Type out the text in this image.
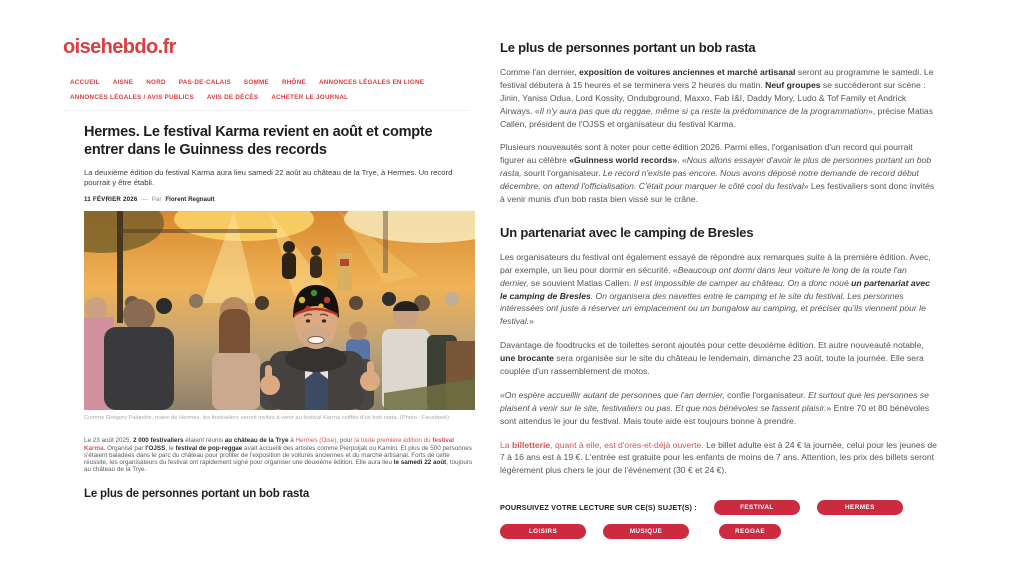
oisehebdo.fr
ACCUEIL AISNE NORD PAS-DE-CALAIS SOMME RHÔNE ANNONCES LÉGALES EN LIGNE
ANNONCES LÉGALES / AVIS PUBLICS AVIS DE DÉCÈS ACHETER LE JOURNAL
Hermes. Le festival Karma revient en août et compte entrer dans le Guinness des records
La deuxième édition du festival Karma aura lieu samedi 22 août au château de la Trye, à Hermes. Un record pourrait y être établi.
11 FÉVRIER 2026 — Par Florent Regnault
Comme Grégory Palandre, maire de Hermes, les festivaliers seront invités à venir au festival Karma coiffés d'un bob rasta. (Photo : Facebook)

Le 23 août 2025, 2 000 festivaliers étaient réunis au château de la Trye à Hermes (Oise), pour la toute première édition du festival Karma. Organisé par l'OJSS, le festival de pop-reggae avait accueilli des artistes comme Pierpoljak ou Kamini. Et plus de 500 personnes s'étaient baladées dans le parc du château pour profiter de l'exposition de voitures anciennes et du marché artisanal. Forts de cette réussite, les organisateurs du festival ont rapidement signé pour organiser une deuxième édition. Elle aura lieu le samedi 22 août, toujours au château de la Trye.

Le plus de personnes portant un bob rasta
Le plus de personnes portant un bob rasta

Comme l'an dernier, exposition de voitures anciennes et marché artisanal seront au programme le samedi. Le festival débutera à 15 heures et se terminera vers 2 heures du matin. Neuf groupes se succéderont sur scène : Jinin, Yaniss Odua, Lord Kossity, Ondubground, Maxxo, Fab I&I, Daddy Mory, Ludo & Tof Family et Andrick Airways. «Il n'y aura pas que du reggae, même si ça reste la prédominance de la programmation», précise Matias Callen, président de l'OJSS et organisateur du festival Karma.

Plusieurs nouveautés sont à noter pour cette édition 2026. Parmi elles, l'organisation d'un record qui pourrait figurer au célèbre «Guinness world records». «Nous allons essayer d'avoir le plus de personnes portant un bob rasta, sourit l'organisateur. Le record n'existe pas encore. Nous avons déposé notre demande de record début décembre, on attend l'officialisation. C'était pour marquer le côté cool du festival» Les festivaliers sont donc invités à venir munis d'un bob rasta bien vissé sur le crâne.

Un partenariat avec le camping de Bresles

Les organisateurs du festival ont également essayé de répondre aux remarques suite à la première édition. Avec, par exemple, un lieu pour dormir en sécurité. «Beaucoup ont dormi dans leur voiture le long de la route l'an dernier, se souvient Matias Callen. Il est impossible de camper au château. On a donc noué un partenariat avec le camping de Bresles. On organisera des navettes entre le camping et le site du festival. Les personnes intéressées ont juste à réserver un emplacement ou un bungalow au camping, et préciser qu'ils viennent pour le festival.»

Davantage de foodtrucks et de toilettes seront ajoutés pour cette deuxième édition. Et autre nouveauté notable, une brocante sera organisée sur le site du château le lendemain, dimanche 23 août, toute la journée. Elle sera couplée d'un rassemblement de motos.

«On espère accueillir autant de personnes que l'an dernier, confie l'organisateur. Et surtout que les personnes se plaisent à venir sur le site, festivaliers ou pas. Et que nos bénévoles se fassent plaisir.» Entre 70 et 80 bénévoles sont attendus le jour du festival. Mais toute aide est toujours bonne à prendre.

La billetterie, quant à elle, est d'ores-et-déjà ouverte. Le billet adulte est à 24 € la journée, celui pour les jeunes de 7 à 16 ans est à 19 €. L'entrée est gratuite pour les enfants de moins de 7 ans. Attention, les prix des billets seront légèrement plus chers le jour de l'événement (30 € et 24 €).

POURSUIVEZ VOTRE LECTURE SUR CE(S) SUJET(S) :	FESTIVAL	HERMES
LOISIRS	MUSIQUE	REGGAE
